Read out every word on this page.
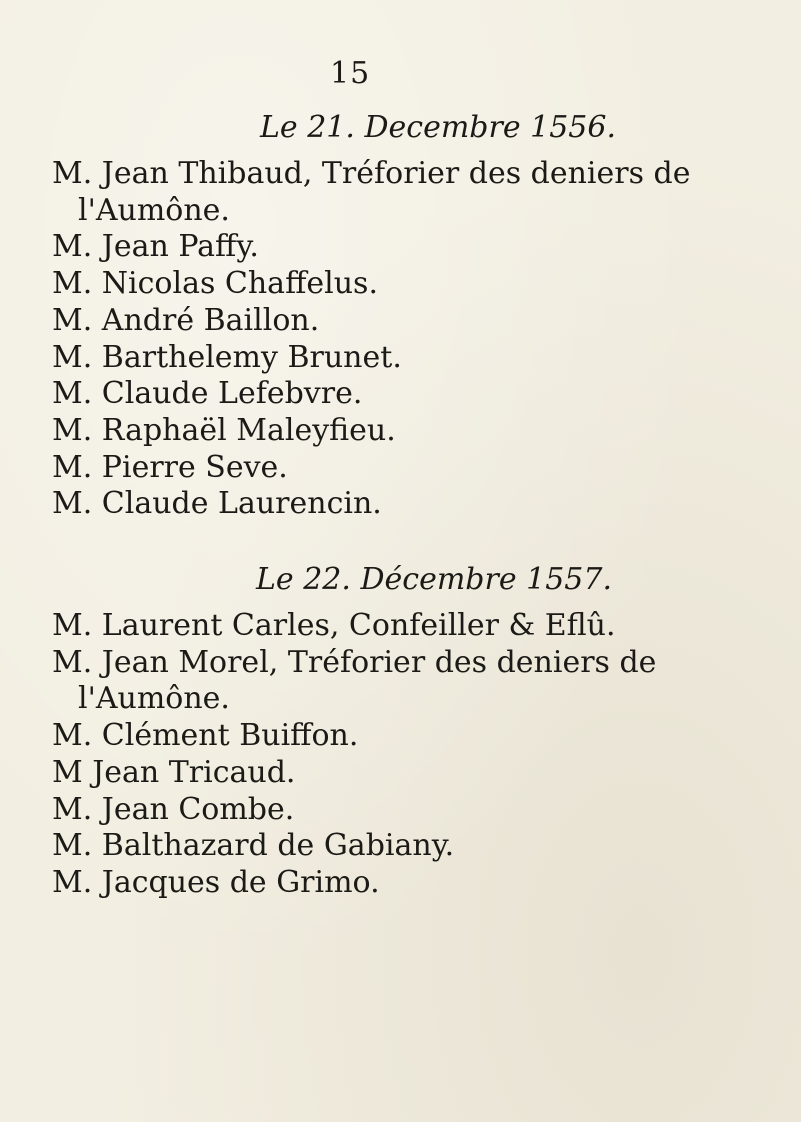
15
Le 21. Decembre 1556.
M. Jean Thibaud, Tréforier des deniers de l'Aumône.
M. Jean Paffy.
M. Nicolas Chaffelus.
M. André Baillon.
M. Barthelemy Brunet.
M. Claude Lefebvre.
M. Raphaël Maleyfieu.
M. Pierre Seve.
M. Claude Laurencin.
Le 22. Décembre 1557.
M. Laurent Carles, Confeiller & Eflû.
M. Jean Morel, Tréforier des deniers de l'Aumône.
M. Clément Buiffon.
M Jean Tricaud.
M. Jean Combe.
M. Balthazard de Gabiany.
M. Jacques de Grimo.
